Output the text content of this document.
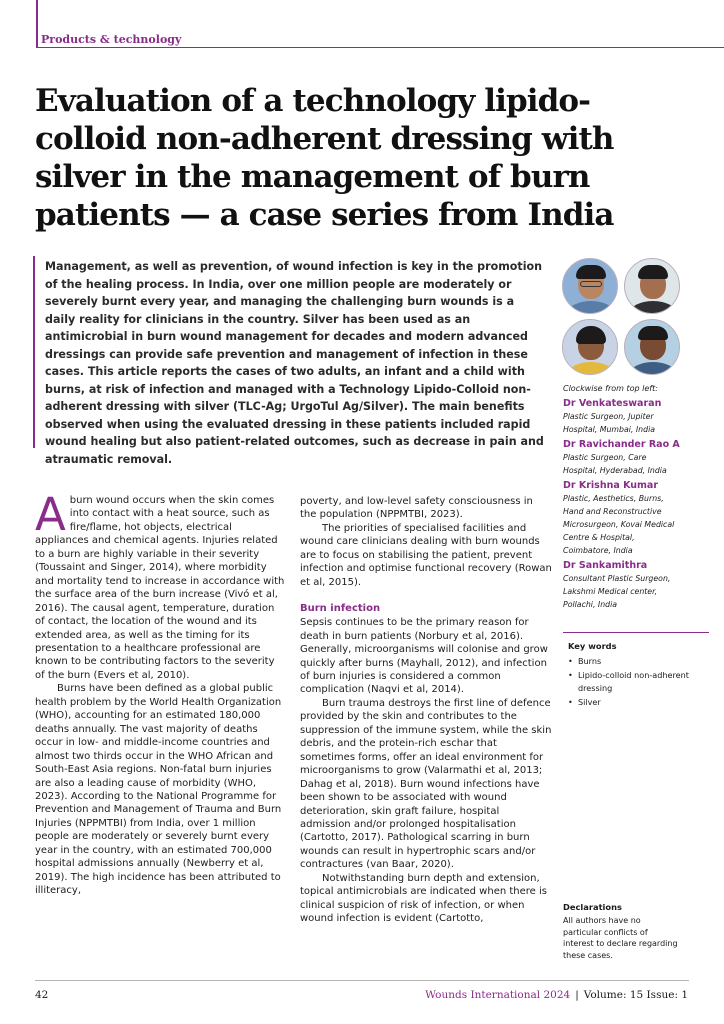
Products & technology
Evaluation of a technology lipido-colloid non-adherent dressing with silver in the management of burn patients — a case series from India

Management, as well as prevention, of wound infection is key in the promotion of the healing process. In India, over one million people are moderately or severely burnt every year, and managing the challenging burn wounds is a daily reality for clinicians in the country. Silver has been used as an antimicrobial in burn wound management for decades and modern advanced dressings can provide safe prevention and management of infection in these cases. This article reports the cases of two adults, an infant and a child with burns, at risk of infection and managed with a Technology Lipido-Colloid non-adherent dressing with silver (TLC-Ag; UrgoTul Ag/Silver). The main benefits observed when using the evaluated dressing in these patients included rapid wound healing but also patient-related outcomes, such as decrease in pain and atraumatic removal.

Clockwise from top left:
Dr Venkateswaran
Plastic Surgeon, Jupiter Hospital, Mumbai, India
Dr Ravichander Rao A
Plastic Surgeon, Care Hospital, Hyderabad, India
Dr Krishna Kumar
Plastic, Aesthetics, Burns, Hand and Reconstructive Microsurgeon, Kovai Medical Centre & Hospital, Coimbatore, India
Dr Sankamithra
Consultant Plastic Surgeon, Lakshmi Medical center, Pollachi, India
Key words
• Burns
• Lipido-colloid non-adherent dressing
• Silver
Declarations
All authors have no particular conflicts of interest to declare regarding these cases.

Aburn wound occurs when the skin comes into contact with a heat source, such as fire/flame, hot objects, electrical appliances and chemical agents. Injuries related to a burn are highly variable in their severity (Toussaint and Singer, 2014), where morbidity and mortality tend to increase in accordance with the surface area of the burn increase (Vivó et al, 2016). The causal agent, temperature, duration of contact, the location of the wound and its extended area, as well as the timing for its presentation to a healthcare professional are known to be contributing factors to the severity of the burn (Evers et al, 2010).

Burns have been defined as a global public health problem by the World Health Organization (WHO), accounting for an estimated 180,000 deaths annually. The vast majority of deaths occur in low- and middle-income countries and almost two thirds occur in the WHO African and South-East Asia regions. Non-fatal burn injuries are also a leading cause of morbidity (WHO, 2023). According to the National Programme for Prevention and Management of Trauma and Burn Injuries (NPPMTBI) from India, over 1 million people are moderately or severely burnt every year in the country, with an estimated 700,000 hospital admissions annually (Newberry et al, 2019). The high incidence has been attributed to illiteracy,

poverty, and low-level safety consciousness in the population (NPPMTBI, 2023).

The priorities of specialised facilities and wound care clinicians dealing with burn wounds are to focus on stabilising the patient, prevent infection and optimise functional recovery (Rowan et al, 2015).

Burn infection

Sepsis continues to be the primary reason for death in burn patients (Norbury et al, 2016). Generally, microorganisms will colonise and grow quickly after burns (Mayhall, 2012), and infection of burn injuries is considered a common complication (Naqvi et al, 2014).

Burn trauma destroys the first line of defence provided by the skin and contributes to the suppression of the immune system, while the skin debris, and the protein-rich eschar that sometimes forms, offer an ideal environment for microorganisms to grow (Valarmathi et al, 2013; Dahag et al, 2018). Burn wound infections have been shown to be associated with wound deterioration, skin graft failure, hospital admission and/or prolonged hospitalisation (Cartotto, 2017). Pathological scarring in burn wounds can result in hypertrophic scars and/or contractures (van Baar, 2020).

Notwithstanding burn depth and extension, topical antimicrobials are indicated when there is clinical suspicion of risk of infection, or when wound infection is evident (Cartotto,

42	Wounds International 2024 | Volume: 15 Issue: 1
